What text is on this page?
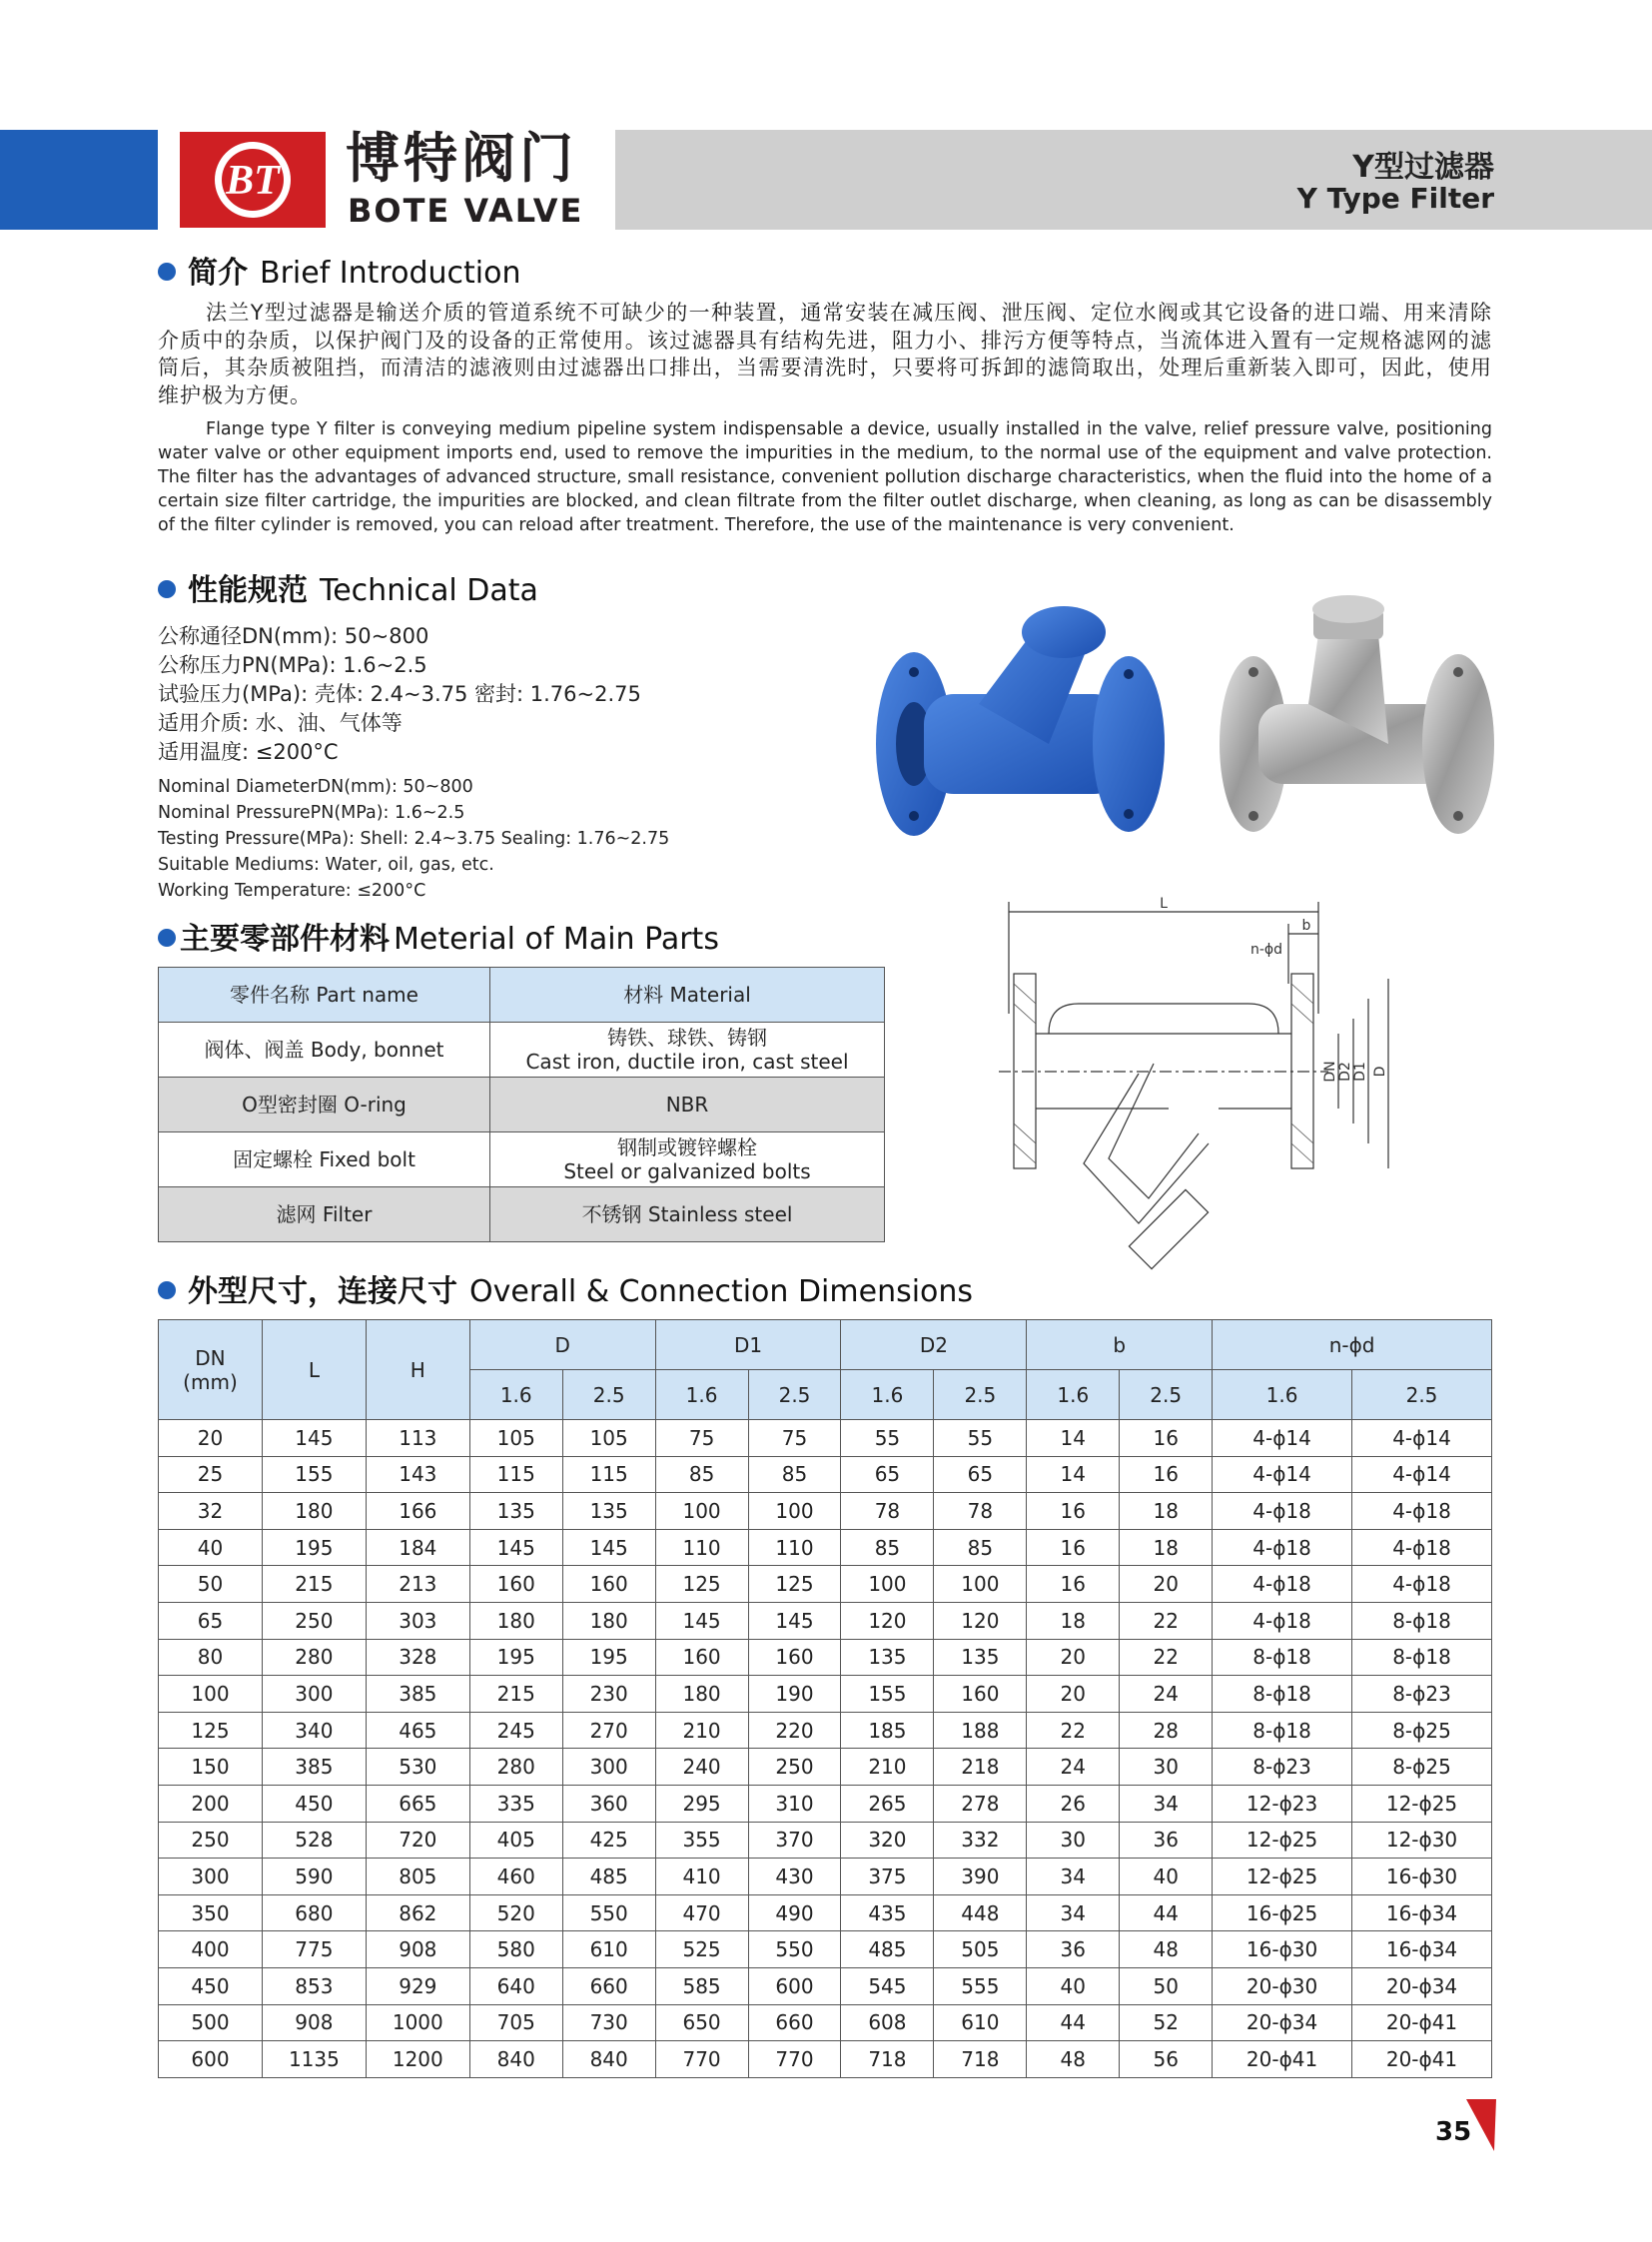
BT 博特阀门
BOTE VALVE
Y型过滤器
Y Type Filter
简介 Brief Introduction
法兰Y型过滤器是输送介质的管道系统不可缺少的一种装置，通常安装在减压阀、泄压阀、定位水阀或其它设备的进口端、用来清除介质中的杂质，以保护阀门及的设备的正常使用。该过滤器具有结构先进，阻力小、排污方便等特点，当流体进入置有一定规格滤网的滤筒后，其杂质被阻挡，而清洁的滤液则由过滤器出口排出，当需要清洗时，只要将可拆卸的滤筒取出，处理后重新装入即可，因此，使用维护极为方便。
Flange type Y filter is conveying medium pipeline system indispensable a device, usually installed in the valve, relief pressure valve, positioning water valve or other equipment imports end, used to remove the impurities in the medium, to the normal use of the equipment and valve protection. The filter has the advantages of advanced structure, small resistance, convenient pollution discharge characteristics, when the fluid into the home of a certain size filter cartridge, the impurities are blocked, and clean filtrate from the filter outlet discharge, when cleaning, as long as can be disassembly of the filter cylinder is removed, you can reload after treatment. Therefore, the use of the maintenance is very convenient.
性能规范 Technical Data
公称通径DN(mm): 50~800
公称压力PN(MPa): 1.6~2.5
试验压力(MPa): 壳体: 2.4~3.75 密封: 1.76~2.75
适用介质: 水、油、气体等
适用温度: ≤200°C
Nominal DiameterDN(mm): 50~800
Nominal PressurePN(MPa): 1.6~2.5
Testing Pressure(MPa): Shell: 2.4~3.75 Sealing: 1.76~2.75
Suitable Mediums: Water, oil, gas, etc.
Working Temperature: ≤200°C
L
b
n-ϕd
DN D2 D1 D
主要零部件材料 Meterial of Main Parts
零件名称 Part name	材料 Material
阀体、阀盖 Body, bonnet	铸铁、球铁、铸钢
Cast iron, ductile iron, cast steel

O型密封圈 O-ring	NBR

固定螺栓 Fixed bolt	钢制或镀锌螺栓
Steel or galvanized bolts

滤网 Filter	不锈钢 Stainless steel
外型尺寸，连接尺寸 Overall & Connection Dimensions
DN
(mm)	L	H	D		D1		D2		b		n-ϕd	
			1.6	2.5	1.6	2.5	1.6	2.5	1.6	2.5	1.6	2.5
20	145	113	105	105	75	75	55	55	14	16	4-ϕ14	4-ϕ14
25	155	143	115	115	85	85	65	65	14	16	4-ϕ14	4-ϕ14
32	180	166	135	135	100	100	78	78	16	18	4-ϕ18	4-ϕ18
40	195	184	145	145	110	110	85	85	16	18	4-ϕ18	4-ϕ18
50	215	213	160	160	125	125	100	100	16	20	4-ϕ18	4-ϕ18
65	250	303	180	180	145	145	120	120	18	22	4-ϕ18	8-ϕ18
80	280	328	195	195	160	160	135	135	20	22	8-ϕ18	8-ϕ18
100	300	385	215	230	180	190	155	160	20	24	8-ϕ18	8-ϕ23
125	340	465	245	270	210	220	185	188	22	28	8-ϕ18	8-ϕ25
150	385	530	280	300	240	250	210	218	24	30	8-ϕ23	8-ϕ25
200	450	665	335	360	295	310	265	278	26	34	12-ϕ23	12-ϕ25
250	528	720	405	425	355	370	320	332	30	36	12-ϕ25	12-ϕ30
300	590	805	460	485	410	430	375	390	34	40	12-ϕ25	16-ϕ30
350	680	862	520	550	470	490	435	448	34	44	16-ϕ25	16-ϕ34
400	775	908	580	610	525	550	485	505	36	48	16-ϕ30	16-ϕ34
450	853	929	640	660	585	600	545	555	40	50	20-ϕ30	20-ϕ34
500	908	1000	705	730	650	660	608	610	44	52	20-ϕ34	20-ϕ41
600	1135	1200	840	840	770	770	718	718	48	56	20-ϕ41	20-ϕ41
35
